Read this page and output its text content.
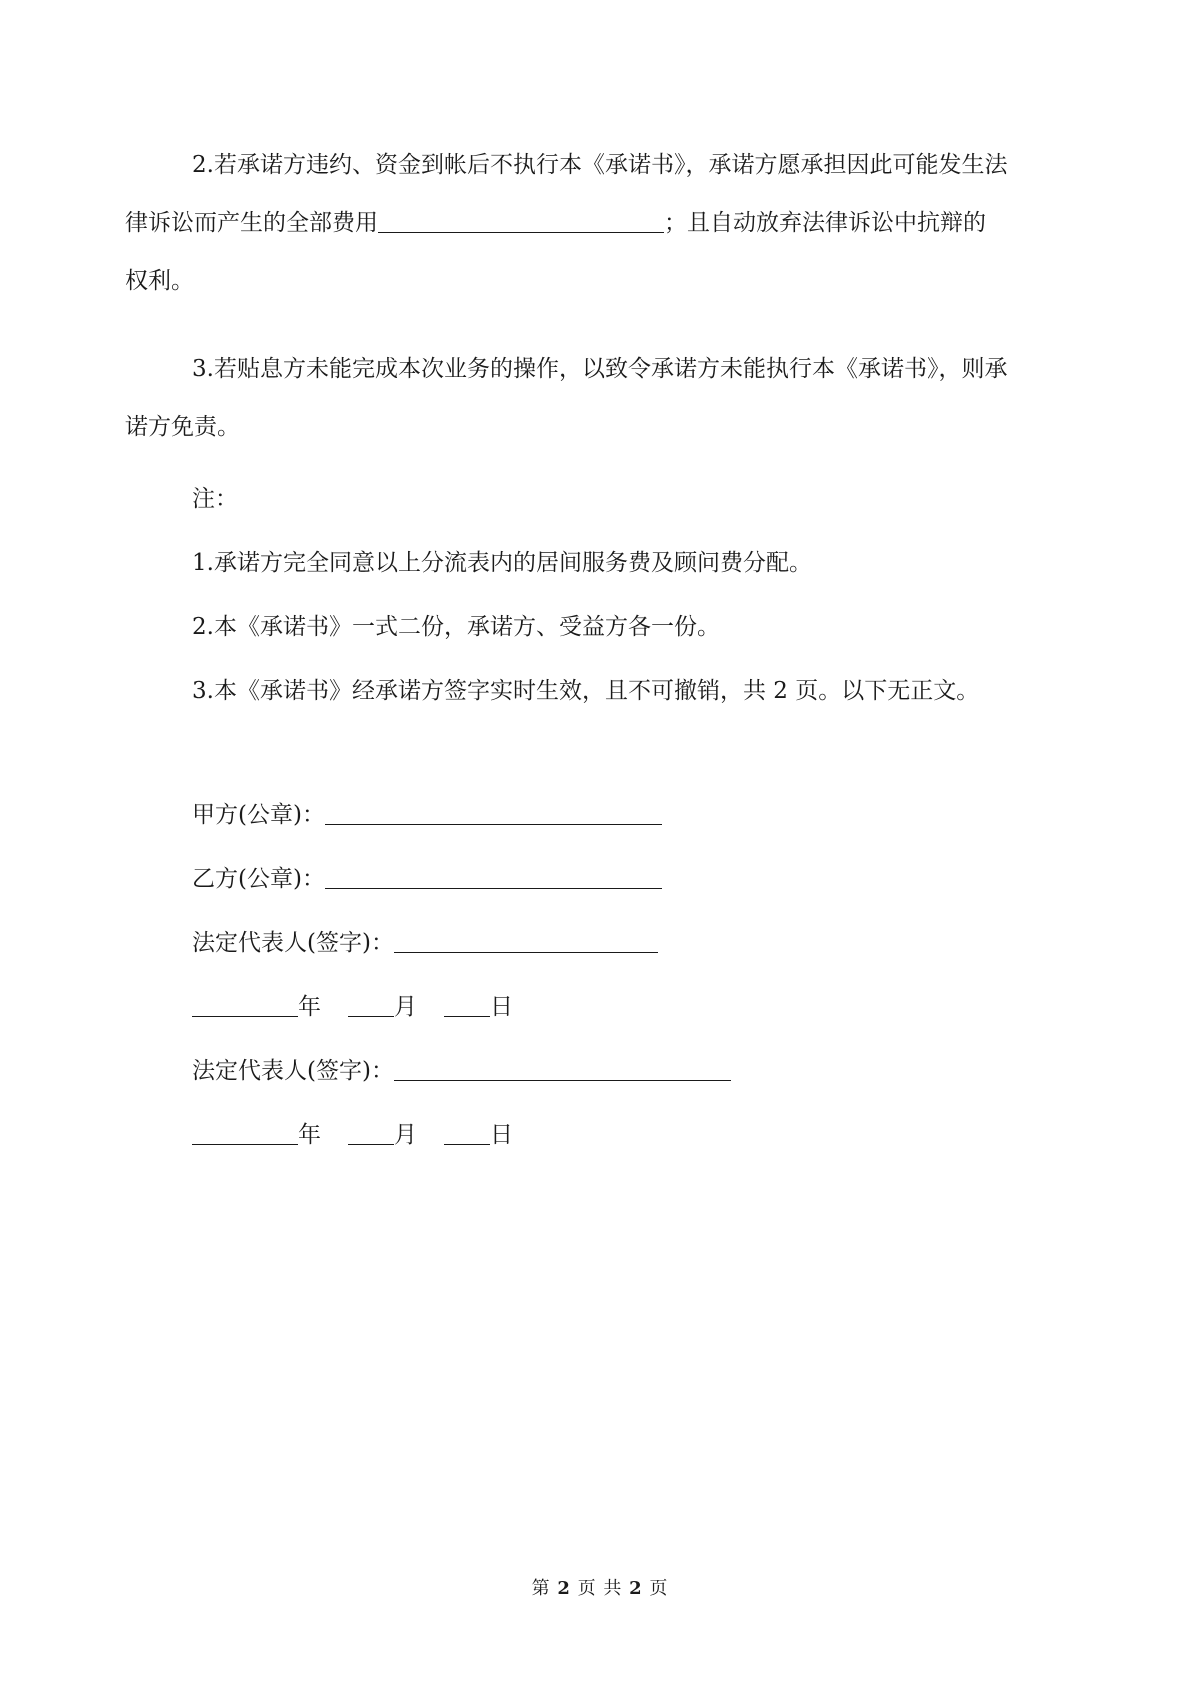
2.若承诺方违约、资金到帐后不执行本《承诺书》，承诺方愿承担因此可能发生法
律诉讼而产生的全部费用	；且自动放弃法律诉讼中抗辩的
权利。
3.若贴息方未能完成本次业务的操作，以致令承诺方未能执行本《承诺书》，则承
诺方免责。
注：
1.承诺方完全同意以上分流表内的居间服务费及顾问费分配。
2.本《承诺书》一式二份，承诺方、受益方各一份。
3.本《承诺书》经承诺方签字实时生效，且不可撤销，共 2 页。以下无正文。
甲方(公章)：
乙方(公章)：
法定代表人(签字)：
年	月	日
法定代表人(签字)：
年	月	日
第 2 页 共 2 页
